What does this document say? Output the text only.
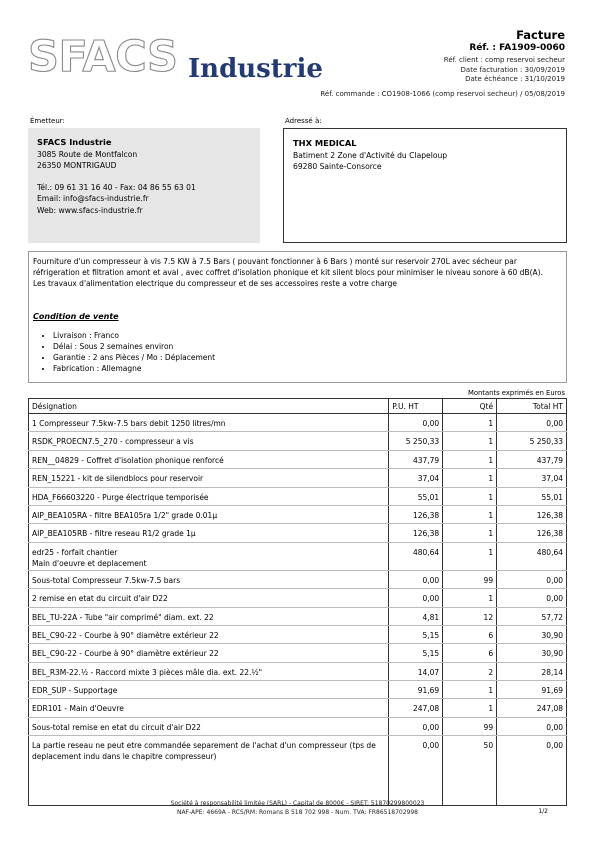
SFACS Industrie
Facture
Réf. : FA1909-0060
Réf. client : comp reservoi secheur
Date facturation : 30/09/2019
Date échéance : 31/10/2019
Réf. commande : CO1908-1066 (comp reservoi secheur) / 05/08/2019
Émetteur:	Adressé à:
SFACS Industrie
3085 Route de Montfalcon
26350 MONTRIGAUD
Tél.: 09 61 31 16 40 - Fax: 04 86 55 63 01
Email: info@sfacs-industrie.fr
Web: www.sfacs-industrie.fr
THX MEDICAL
Batiment 2 Zone d'Activité du Clapeloup
69280 Sainte-Consorce
Fourniture d'un compresseur à vis 7.5 KW à 7.5 Bars ( pouvant fonctionner à 6 Bars ) monté sur reservoir 270L avec sécheur par réfrigeration et filtration amont et aval , avec coffret d'isolation phonique et kit silent blocs pour minimiser le niveau sonore à 60 dB(A).
Les travaux d'alimentation electrique du compresseur et de ses accessoires reste a votre charge
Condition de vente
• Livraison : Franco
• Délai : Sous 2 semaines environ
• Garantie : 2 ans Pièces / Mo : Déplacement
• Fabrication : Allemagne
Montants exprimés en Euros
Désignation	P.U. HT	Qté	Total HT

1 Compresseur 7.5kw-7.5 bars debit 1250 litres/mn	0,00	1	0,00

RSDK_PROECN7.5_270 - compresseur a vis	5 250,33	1	5 250,33

REN__04829 - Coffret d'isolation phonique renforcé	437,79	1	437,79

REN_15221 - kit de silendblocs pour reservoir	37,04	1	37,04

HDA_F66603220 - Purge électrique temporisée	55,01	1	55,01

AIP_BEA105RA - filtre BEA105ra 1/2" grade 0.01µ	126,38	1	126,38

AIP_BEA105RB - filtre reseau R1/2 grade 1µ	126,38	1	126,38

edr25 - forfait chantier
Main d'oeuvre et deplacement	480,64	1	480,64

Sous-total Compresseur 7.5kw-7.5 bars	0,00	99	0,00

2 remise en etat du circuit d'air D22	0,00	1	0,00

BEL_TU-22A - Tube "air comprimé" diam. ext. 22	4,81	12	57,72

BEL_C90-22 - Courbe à 90° diamètre extérieur 22	5,15	6	30,90

BEL_C90-22 - Courbe à 90° diamètre extérieur 22	5,15	6	30,90

BEL_R3M-22.½ - Raccord mixte 3 pièces mâle dia. ext. 22.½"	14,07	2	28,14

EDR_SUP - Supportage	91,69	1	91,69

EDR101 - Main d'Oeuvre	247,08	1	247,08

Sous-total remise en etat du circuit d'air D22	0,00	99	0,00

La partie reseau ne peut etre commandée separement de l'achat d'un compresseur (tps de deplacement indu dans le chapitre compresseur)	0,00	50	0,00
Société à responsabilité limitée (SARL) - Capital de 8000€ - SIRET: 51870299800023
NAF-APE: 4669A - RCS/RM: Romans B 518 702 998 - Num. TVA: FR86518702998	1/2
